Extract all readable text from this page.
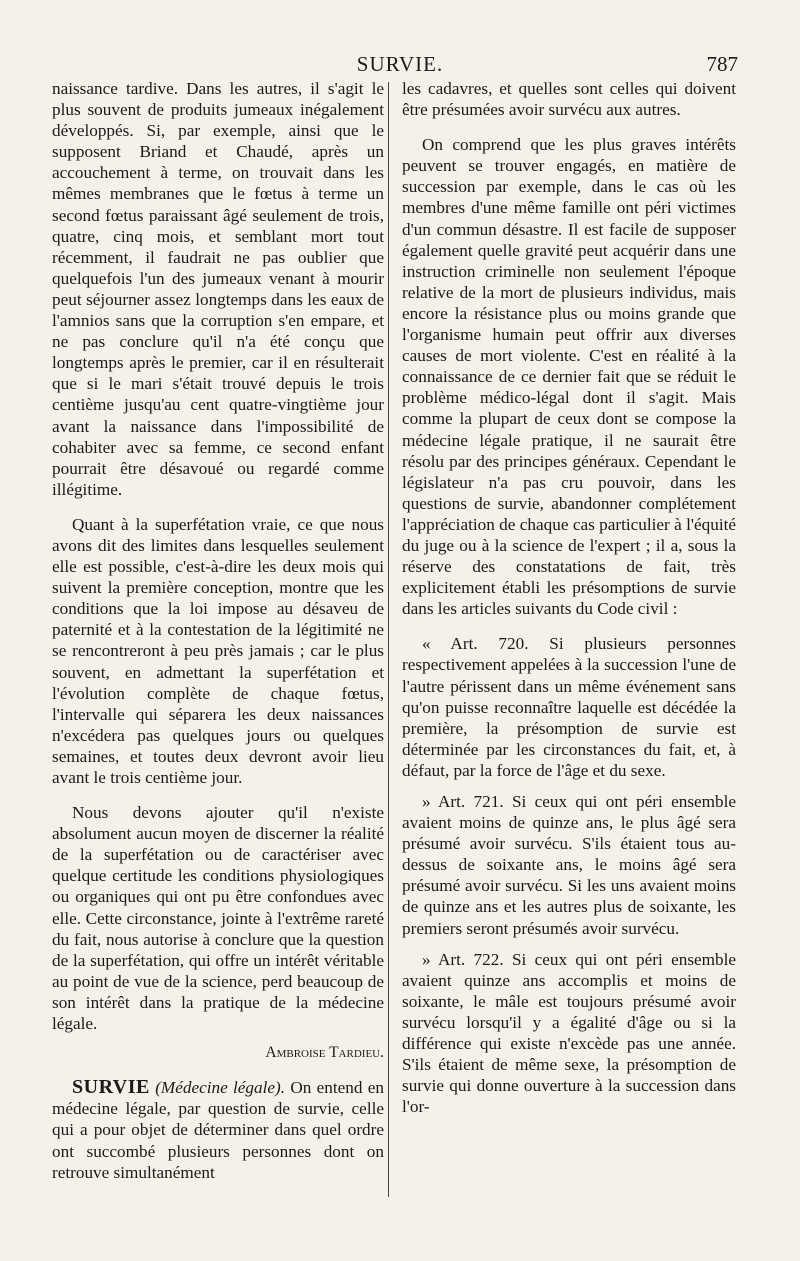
SURVIE.	787

naissance tardive. Dans les autres, il s'agit le plus souvent de produits jumeaux inégalement développés. Si, par exemple, ainsi que le supposent Briand et Chaudé, après un accouchement à terme, on trouvait dans les mêmes membranes que le fœtus à terme un second fœtus paraissant âgé seulement de trois, quatre, cinq mois, et semblant mort tout récemment, il faudrait ne pas oublier que quelquefois l'un des jumeaux venant à mourir peut séjourner assez longtemps dans les eaux de l'amnios sans que la corruption s'en empare, et ne pas conclure qu'il n'a été conçu que longtemps après le premier, car il en résulterait que si le mari s'était trouvé depuis le trois centième jusqu'au cent quatre-vingtième jour avant la naissance dans l'impossibilité de cohabiter avec sa femme, ce second enfant pourrait être désavoué ou regardé comme illégitime.

Quant à la superfétation vraie, ce que nous avons dit des limites dans lesquelles seulement elle est possible, c'est-à-dire les deux mois qui suivent la première conception, montre que les conditions que la loi impose au désaveu de paternité et à la contestation de la légitimité ne se rencontreront à peu près jamais ; car le plus souvent, en admettant la superfétation et l'évolution complète de chaque fœtus, l'intervalle qui séparera les deux naissances n'excédera pas quelques jours ou quelques semaines, et toutes deux devront avoir lieu avant le trois centième jour.

Nous devons ajouter qu'il n'existe absolument aucun moyen de discerner la réalité de la superfétation ou de caractériser avec quelque certitude les conditions physiologiques ou organiques qui ont pu être confondues avec elle. Cette circonstance, jointe à l'extrême rareté du fait, nous autorise à conclure que la question de la superfétation, qui offre un intérêt véritable au point de vue de la science, perd beaucoup de son intérêt dans la pratique de la médecine légale.

Ambroise Tardieu.

SURVIE (Médecine légale). On entend en médecine légale, par question de survie, celle qui a pour objet de déterminer dans quel ordre ont succombé plusieurs personnes dont on retrouve simultanément

les cadavres, et quelles sont celles qui doivent être présumées avoir survécu aux autres.

On comprend que les plus graves intérêts peuvent se trouver engagés, en matière de succession par exemple, dans le cas où les membres d'une même famille ont péri victimes d'un commun désastre. Il est facile de supposer également quelle gravité peut acquérir dans une instruction criminelle non seulement l'époque relative de la mort de plusieurs individus, mais encore la résistance plus ou moins grande que l'organisme humain peut offrir aux diverses causes de mort violente. C'est en réalité à la connaissance de ce dernier fait que se réduit le problème médico-légal dont il s'agit. Mais comme la plupart de ceux dont se compose la médecine légale pratique, il ne saurait être résolu par des principes généraux. Cependant le législateur n'a pas cru pouvoir, dans les questions de survie, abandonner complétement l'appréciation de chaque cas particulier à l'équité du juge ou à la science de l'expert ; il a, sous la réserve des constatations de fait, très explicitement établi les présomptions de survie dans les articles suivants du Code civil :

« Art. 720. Si plusieurs personnes respectivement appelées à la succession l'une de l'autre périssent dans un même événement sans qu'on puisse reconnaître laquelle est décédée la première, la présomption de survie est déterminée par les circonstances du fait, et, à défaut, par la force de l'âge et du sexe.

» Art. 721. Si ceux qui ont péri ensemble avaient moins de quinze ans, le plus âgé sera présumé avoir survécu. S'ils étaient tous au-dessus de soixante ans, le moins âgé sera présumé avoir survécu. Si les uns avaient moins de quinze ans et les autres plus de soixante, les premiers seront présumés avoir survécu.

» Art. 722. Si ceux qui ont péri ensemble avaient quinze ans accomplis et moins de soixante, le mâle est toujours présumé avoir survécu lorsqu'il y a égalité d'âge ou si la différence qui existe n'excède pas une année. S'ils étaient de même sexe, la présomption de survie qui donne ouverture à la succession dans l'or-
